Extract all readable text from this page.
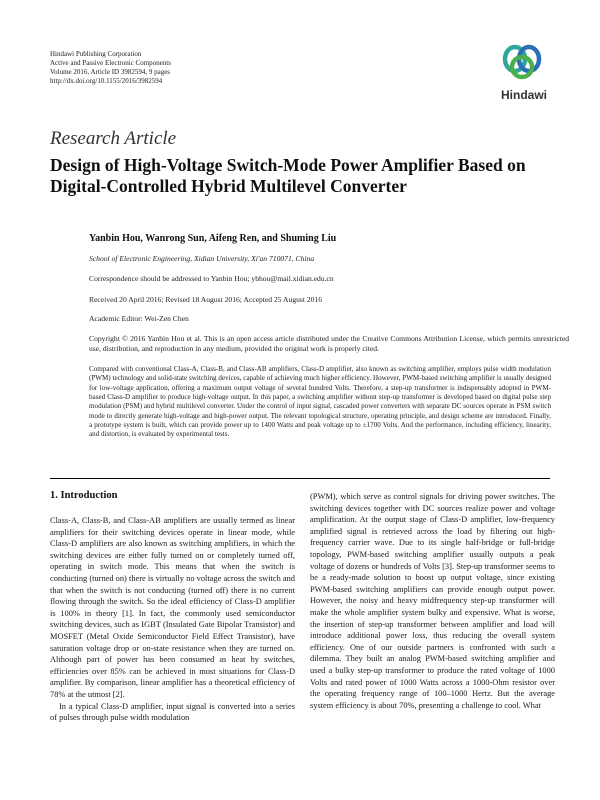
Hindawi Publishing Corporation
Active and Passive Electronic Components
Volume 2016, Article ID 3982594, 9 pages
http://dx.doi.org/10.1155/2016/3982594
Hindawi
Research Article
Design of High-Voltage Switch-Mode Power Amplifier Based on Digital-Controlled Hybrid Multilevel Converter
Yanbin Hou, Wanrong Sun, Aifeng Ren, and Shuming Liu
School of Electronic Engineering, Xidian University, Xi'an 710071, China
Correspondence should be addressed to Yanbin Hou; ybhou@mail.xidian.edu.cn
Received 20 April 2016; Revised 18 August 2016; Accepted 25 August 2016
Academic Editor: Wei-Zen Chen
Copyright © 2016 Yanbin Hou et al. This is an open access article distributed under the Creative Commons Attribution License, which permits unrestricted use, distribution, and reproduction in any medium, provided the original work is properly cited.
Compared with conventional Class-A, Class-B, and Class-AB amplifiers, Class-D amplifier, also known as switching amplifier, employs pulse width modulation (PWM) technology and solid-state switching devices, capable of achieving much higher efficiency. However, PWM-based switching amplifier is usually designed for low-voltage application, offering a maximum output voltage of several hundred Volts. Therefore, a step-up transformer is indispensably adopted in PWM-based Class-D amplifier to produce high-voltage output. In this paper, a switching amplifier without step-up transformer is developed based on digital pulse step modulation (PSM) and hybrid multilevel converter. Under the control of input signal, cascaded power converters with separate DC sources operate in PSM switch mode to directly generate high-voltage and high-power output. The relevant topological structure, operating principle, and design scheme are introduced. Finally, a prototype system is built, which can provide power up to 1400 Watts and peak voltage up to ±1700 Volts. And the performance, including efficiency, linearity, and distortion, is evaluated by experimental tests.
1. Introduction

Class-A, Class-B, and Class-AB amplifiers are usually termed as linear amplifiers for their switching devices operate in linear mode, while Class-D amplifiers are also known as switching amplifiers, in which the switching devices are either fully turned on or completely turned off, operating in switch mode. This means that when the switch is conducting (turned on) there is virtually no voltage across the switch and that when the switch is not conducting (turned off) there is no current flowing through the switch. So the ideal efficiency of Class-D amplifier is 100% in theory [1]. In fact, the commonly used semiconductor switching devices, such as IGBT (Insulated Gate Bipolar Transistor) and MOSFET (Metal Oxide Semiconductor Field Effect Transistor), have saturation voltage drop or on-state resistance when they are turned on. Although part of power has been consumed as heat by switches, efficiencies over 85% can be achieved in most situations for Class-D amplifier. By comparison, linear amplifier has a theoretical efficiency of 78% at the utmost [2].

In a typical Class-D amplifier, input signal is converted into a series of pulses through pulse width modulation

(PWM), which serve as control signals for driving power switches. The switching devices together with DC sources realize power and voltage amplification. At the output stage of Class-D amplifier, low-frequency amplified signal is retrieved across the load by filtering out high-frequency carrier wave. Due to its single half-bridge or full-bridge topology, PWM-based switching amplifier usually outputs a peak voltage of dozens or hundreds of Volts [3]. Step-up transformer seems to be a ready-made solution to boost up output voltage, since existing PWM-based switching amplifiers can provide enough output power. However, the noisy and heavy midfrequency step-up transformer will make the whole amplifier system bulky and expensive. What is worse, the insertion of step-up transformer between amplifier and load will introduce additional power loss, thus reducing the overall system efficiency. One of our outside partners is confronted with such a dilemma. They built an analog PWM-based switching amplifier and used a bulky step-up transformer to produce the rated voltage of 1000 Volts and rated power of 1000 Watts across a 1000-Ohm resistor over the operating frequency range of 100–1000 Hertz. But the average system efficiency is about 70%, presenting a challenge to cool. What
